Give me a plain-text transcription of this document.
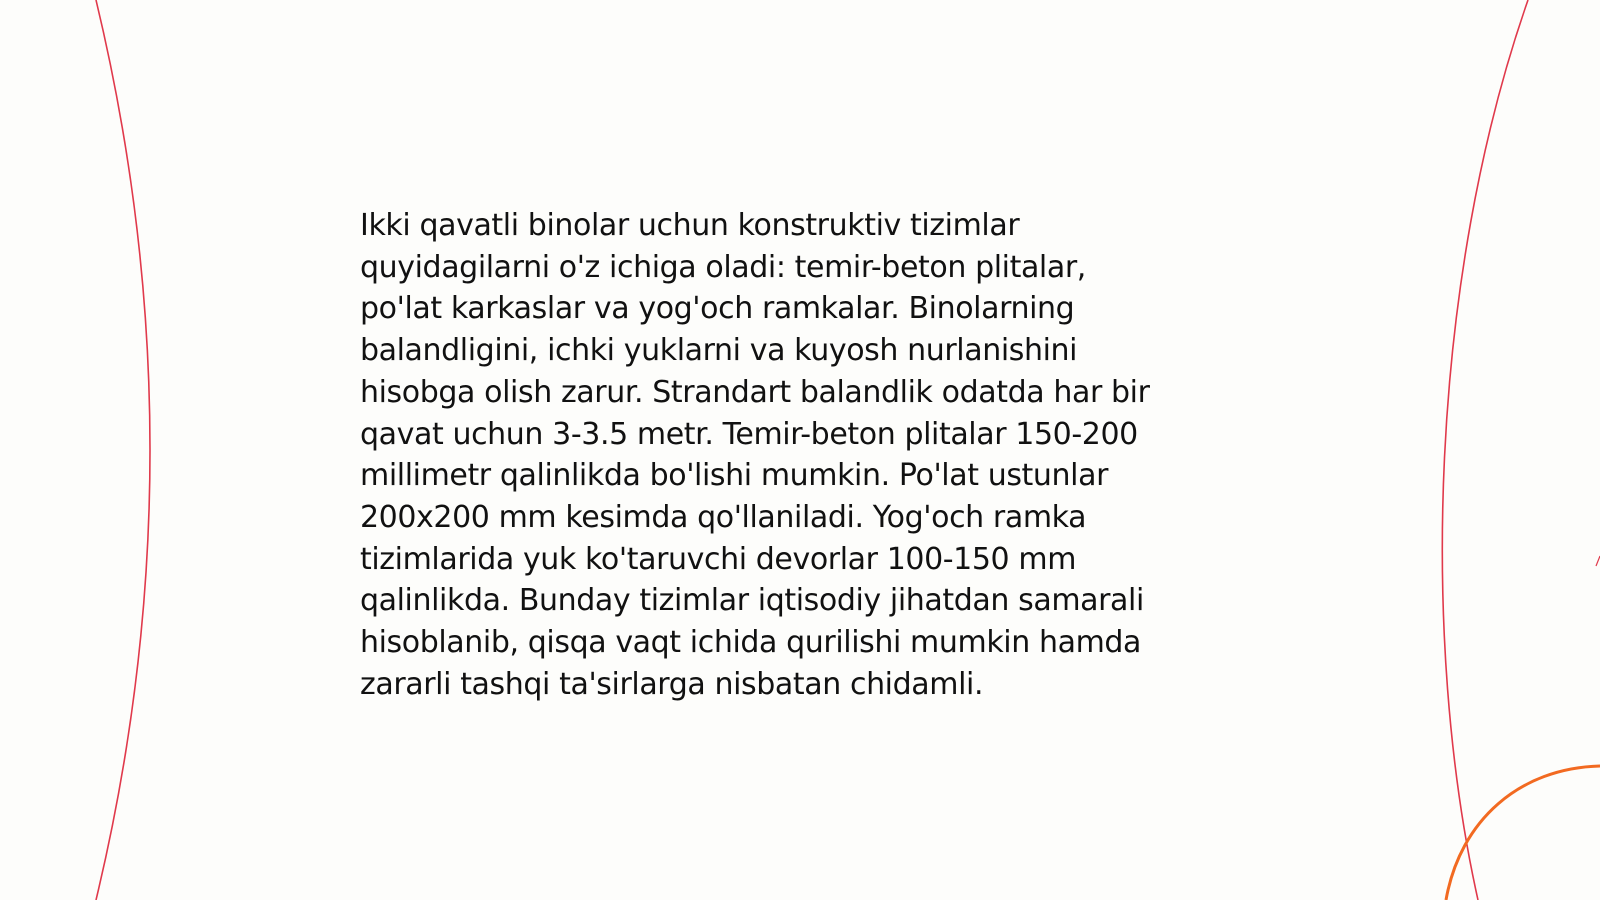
Ikki qavatli binolar uchun konstruktiv tizimlar
quyidagilarni o'z ichiga oladi: temir-beton plitalar,
po'lat karkaslar va yog'och ramkalar. Binolarning
balandligini, ichki yuklarni va kuyosh nurlanishini
hisobga olish zarur. Strandart balandlik odatda har bir
qavat uchun 3-3.5 metr. Temir-beton plitalar 150-200
millimetr qalinlikda bo'lishi mumkin. Po'lat ustunlar
200x200 mm kesimda qo'llaniladi. Yog'och ramka
tizimlarida yuk ko'taruvchi devorlar 100-150 mm
qalinlikda. Bunday tizimlar iqtisodiy jihatdan samarali
hisoblanib, qisqa vaqt ichida qurilishi mumkin hamda
zararli tashqi ta'sirlarga nisbatan chidamli.
